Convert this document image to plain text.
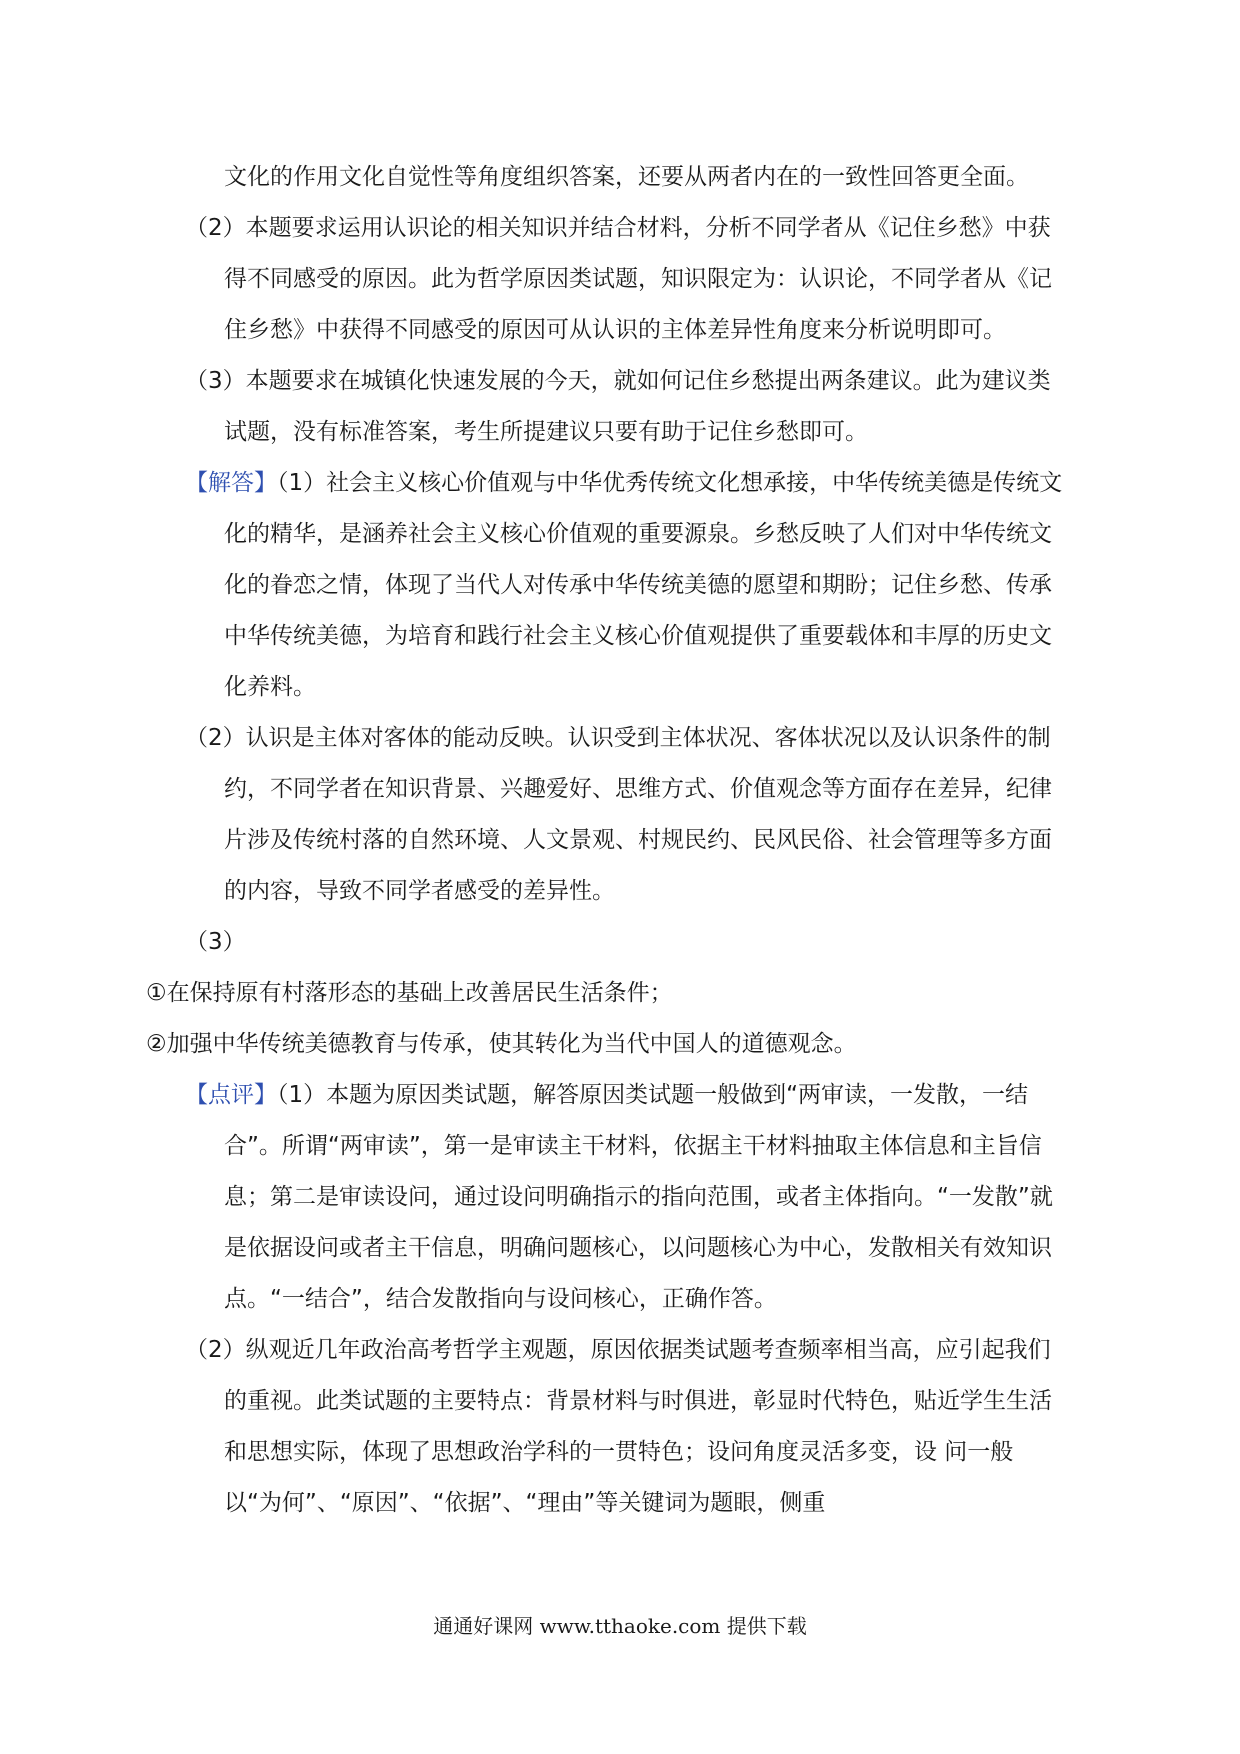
文化的作用文化自觉性等角度组织答案，还要从两者内在的一致性回答更全面。

（2）本题要求运用认识论的相关知识并结合材料，分析不同学者从《记住乡愁》中获得不同感受的原因。此为哲学原因类试题，知识限定为：认识论，不同学者从《记住乡愁》中获得不同感受的原因可从认识的主体差异性角度来分析说明即可。

（3）本题要求在城镇化快速发展的今天，就如何记住乡愁提出两条建议。此为建议类试题，没有标准答案，考生所提建议只要有助于记住乡愁即可。

【解答】（1）社会主义核心价值观与中华优秀传统文化想承接，中华传统美德是传统文化的精华，是涵养社会主义核心价值观的重要源泉。乡愁反映了人们对中华传统文化的眷恋之情，体现了当代人对传承中华传统美德的愿望和期盼；记住乡愁、传承中华传统美德，为培育和践行社会主义核心价值观提供了重要载体和丰厚的历史文化养料。

（2）认识是主体对客体的能动反映。认识受到主体状况、客体状况以及认识条件的制约，不同学者在知识背景、兴趣爱好、思维方式、价值观念等方面存在差异，纪律片涉及传统村落的自然环境、人文景观、村规民约、民风民俗、社会管理等多方面的内容，导致不同学者感受的差异性。

（3）

①在保持原有村落形态的基础上改善居民生活条件；

②加强中华传统美德教育与传承，使其转化为当代中国人的道德观念。

【点评】（1）本题为原因类试题，解答原因类试题一般做到“两审读，一发散，一结合”。所谓“两审读”，第一是审读主干材料，依据主干材料抽取主体信息和主旨信息；第二是审读设问，通过设问明确指示的指向范围，或者主体指向。“一发散”就是依据设问或者主干信息，明确问题核心，以问题核心为中心，发散相关有效知识点。“一结合”，结合发散指向与设问核心，正确作答。

（2）纵观近几年政治高考哲学主观题，原因依据类试题考查频率相当高，应引起我们的重视。此类试题的主要特点：背景材料与时俱进，彰显时代特色，贴近学生生活和思想实际，体现了思想政治学科的一贯特色；设问角度灵活多变，设 问一般以“为何”、“原因”、“依据”、“理由”等关键词为题眼，侧重

通通好课网 www.tthaoke.com 提供下载
